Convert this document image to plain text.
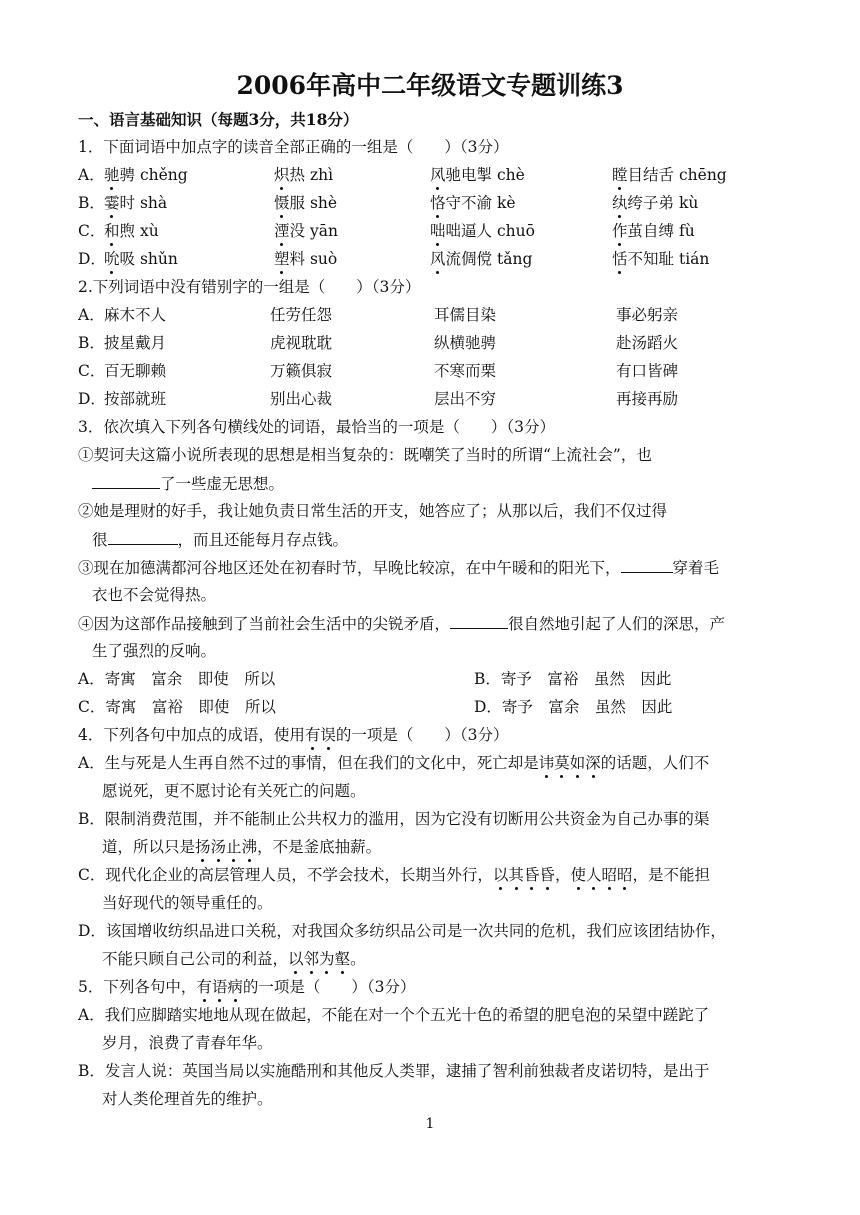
2006年高中二年级语文专题训练3
一、语言基础知识（每题3分，共18分）
1．下面词语中加点字的读音全部正确的一组是（　　）（3分）
A． 驰骋 chěng	炽热 zhì	风驰电掣 chè	瞠目结舌 chēng
B． 霎时 shà	慑服 shè	恪守不渝 kè	纨绔子弟 kù
C．
和煦 xù	湮没 yān	咄咄逼人 chuō	作茧自缚 fù
D．
吮吸 shǔn	塑料 suò	风流倜傥 tǎng	恬不知耻 tián
2.下列词语中没有错别字的一组是（　　）（3分）
A． 麻木不人	任劳任怨	耳儒目染	事必躬亲
B． 披星戴月	虎视耽耽	纵横驰骋	赴汤蹈火
C．
百无聊赖	万籁俱寂	不寒而栗	有口皆碑
D．
按部就班	别出心裁	层出不穷	再接再励
3．依次填入下列各句横线处的词语，最恰当的一项是（　　）（3分）
①契诃夫这篇小说所表现的思想是相当复杂的：既嘲笑了当时的所谓“上流社会”，也
了一些虚无思想。
②她是理财的好手，我让她负责日常生活的开支，她答应了；从那以后，我们不仅过得
很	，而且还能每月存点钱。
③现在加德满都河谷地区还处在初春时节，早晚比较凉，在中午暖和的阳光下，	穿着毛
衣也不会觉得热。
④因为这部作品接触到了当前社会生活中的尖锐矛盾，	很自然地引起了人们的深思，产
生了强烈的反响。
A．寄寓　富余　即使　所以	B．寄予　富裕　虽然　因此
C．寄寓　富裕　即使　所以	D．寄予　富余　虽然　因此
4．下列各句中加点的成语，使用有误的一项是（　　）（3分）
A．生与死是人生再自然不过的事情，但在我们的文化中，死亡却是讳莫如深的话题，人们不
愿说死，更不愿讨论有关死亡的问题。
B．限制消费范围，并不能制止公共权力的滥用，因为它没有切断用公共资金为自己办事的渠
道，所以只是扬汤止沸，不是釜底抽薪。
C．现代化企业的高层管理人员，不学会技术，长期当外行，以其昏昏，使人昭昭，是不能担
当好现代的领导重任的。
D．该国增收纺织品进口关税，对我国众多纺织品公司是一次共同的危机，我们应该团结协作，
不能只顾自己公司的利益，以邻为壑。
5．下列各句中，有语病的一项是（　　）（3分）
A．我们应脚踏实地地从现在做起，不能在对一个个五光十色的希望的肥皂泡的呆望中蹉跎了
岁月，浪费了青春年华。
B．发言人说：英国当局以实施酷刑和其他反人类罪，逮捕了智利前独裁者皮诺切特，是出于
对人类伦理首先的维护。
1
